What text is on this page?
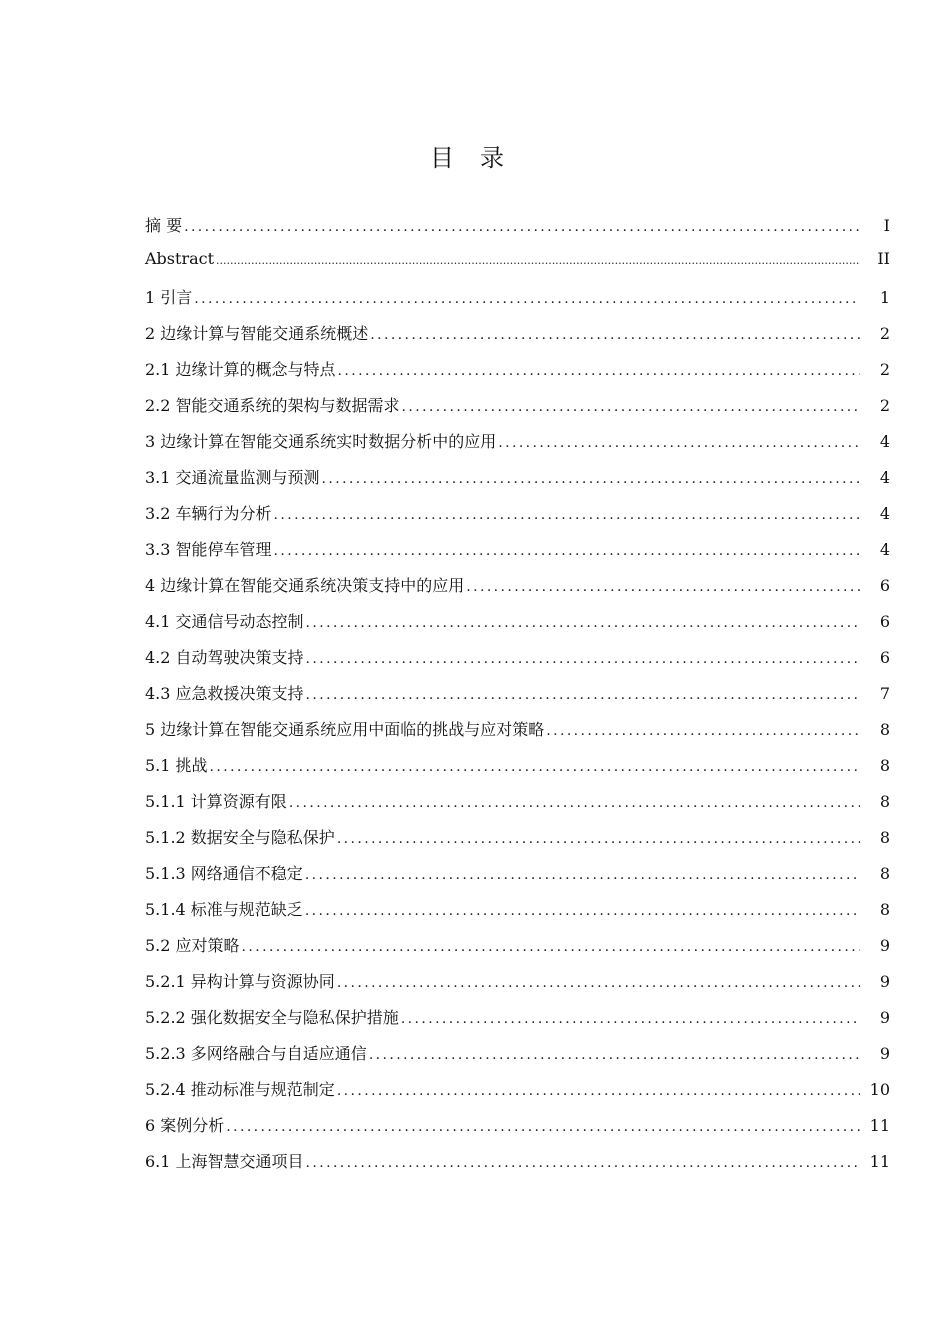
目录
摘 要 .....	I
Abstract .....	II
1 引言 .....	1
2 边缘计算与智能交通系统概述 .....	2
2.1 边缘计算的概念与特点 .....	2
2.2 智能交通系统的架构与数据需求 .....	2
3 边缘计算在智能交通系统实时数据分析中的应用 .....	4
3.1 交通流量监测与预测 .....	4
3.2 车辆行为分析 .....	4
3.3 智能停车管理 .....	4
4 边缘计算在智能交通系统决策支持中的应用 .....	6
4.1 交通信号动态控制 .....	6
4.2 自动驾驶决策支持 .....	6
4.3 应急救援决策支持 .....	7
5 边缘计算在智能交通系统应用中面临的挑战与应对策略 .....	8
5.1 挑战 .....	8
5.1.1 计算资源有限 .....	8
5.1.2 数据安全与隐私保护 .....	8
5.1.3 网络通信不稳定 .....	8
5.1.4 标准与规范缺乏 .....	8
5.2 应对策略 .....	9
5.2.1 异构计算与资源协同 .....	9
5.2.2 强化数据安全与隐私保护措施 .....	9
5.2.3 多网络融合与自适应通信 .....	9
5.2.4 推动标准与规范制定 .....	10
6 案例分析 .....	11
6.1 上海智慧交通项目 .....	11
